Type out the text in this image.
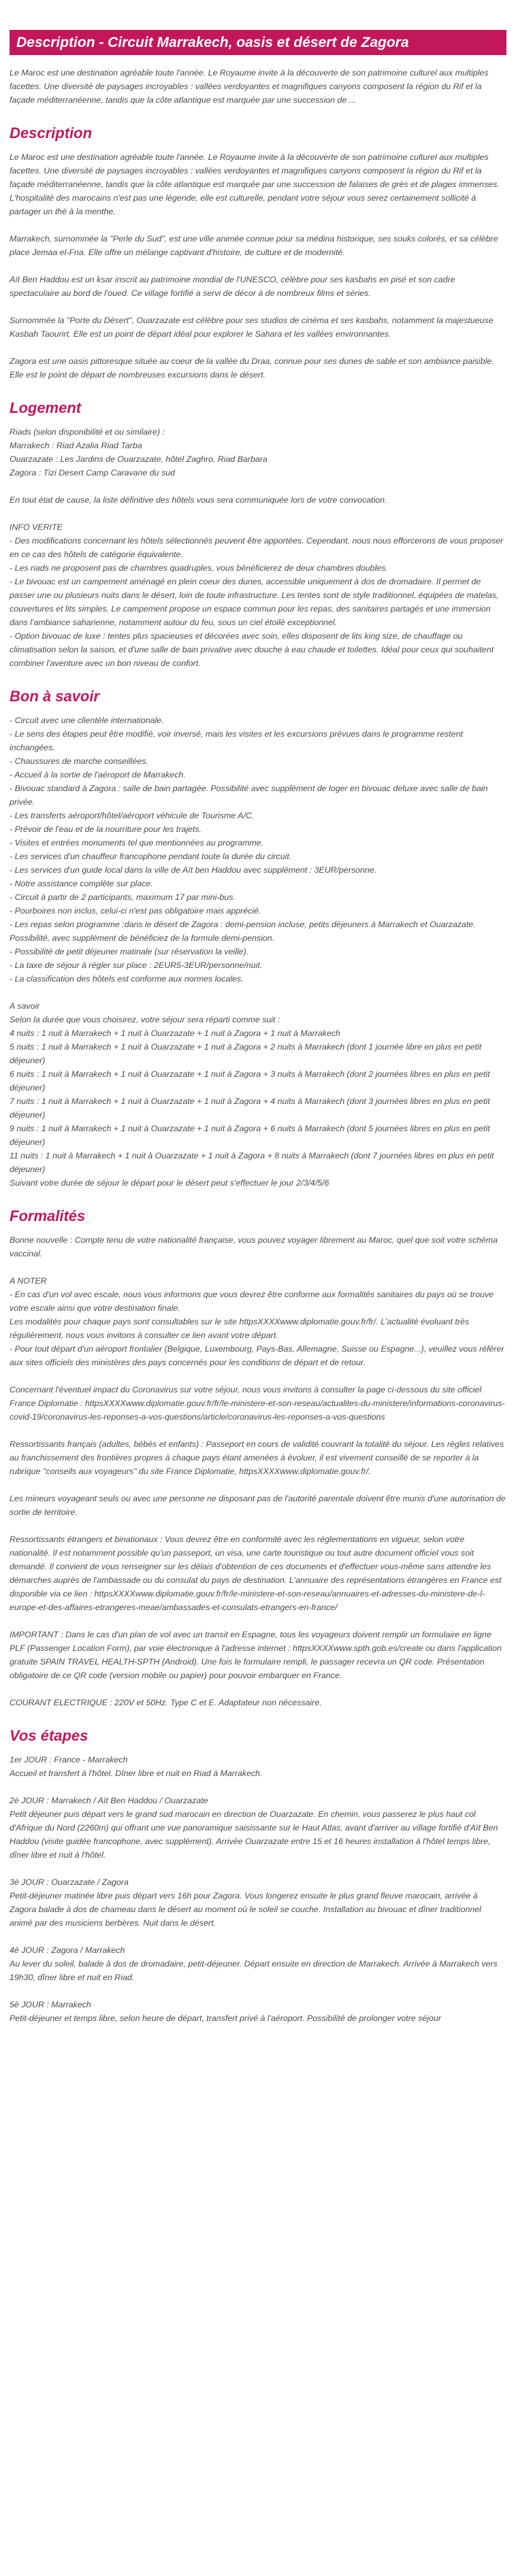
Description - Circuit Marrakech, oasis et désert de Zagora

Le Maroc est une destination agréable toute l'année. Le Royaume invite à la découverte de son patrimoine culturel aux multiples facettes. Une diversité de paysages incroyables : vallées verdoyantes et magnifiques canyons composent la région du Rif et la façade méditerranéenne, tandis que la côte atlantique est marquée par une succession de ...

Description

Le Maroc est une destination agréable toute l'année. Le Royaume invite à la découverte de son patrimoine culturel aux multiples facettes. Une diversité de paysages incroyables : vallées verdoyantes et magnifiques canyons composent la région du Rif et la façade méditerranéenne, tandis que la côte atlantique est marquée par une succession de falaises de grès et de plages immenses. L'hospitalité des marocains n'est pas une légende, elle est culturelle, pendant votre séjour vous serez certainement sollicité à partager un thé à la menthe.

Marrakech, surnommée la "Perle du Sud", est une ville animée connue pour sa médina historique, ses souks colorés, et sa célèbre place Jemaa el-Fna. Elle offre un mélange captivant d'histoire, de culture et de modernité.

Aït Ben Haddou est un ksar inscrit au patrimoine mondial de l'UNESCO, célèbre pour ses kasbahs en pisé et son cadre spectaculaire au bord de l'oued. Ce village fortifié a servi de décor à de nombreux films et séries.

Surnommée la "Porte du Désert", Ouarzazate est célèbre pour ses studios de cinéma et ses kasbahs, notamment la majestueuse Kasbah Taourirt. Elle est un point de départ idéal pour explorer le Sahara et les vallées environnantes.

Zagora est une oasis pittoresque située au coeur de la vallée du Draa, connue pour ses dunes de sable et son ambiance paisible. Elle est le point de départ de nombreuses excursions dans le désert.

Logement

Riads (selon disponibilité et ou similaire) :
Marrakech : Riad Azalia Riad Tarba
Ouarzazate : Les Jardins de Ouarzazate, hôtel Zaghro, Riad Barbara
Zagora : Tizi Desert Camp Caravane du sud

En tout état de cause, la liste définitive des hôtels vous sera communiquée lors de votre convocation.

INFO VERITE
- Des modifications concernant les hôtels sélectionnés peuvent être apportées. Cependant, nous nous efforcerons de vous proposer en ce cas des hôtels de catégorie équivalente.
- Les riads ne proposent pas de chambres quadruples, vous bénéficierez de deux chambres doubles.
- Le bivouac est un campement aménagé en plein coeur des dunes, accessible uniquement à dos de dromadaire. Il permet de passer une ou plusieurs nuits dans le désert, loin de toute infrastructure. Les tentes sont de style traditionnel, équipées de matelas, couvertures et lits simples. Le campement propose un espace commun pour les repas, des sanitaires partagés et une immersion dans l'ambiance saharienne, notamment autour du feu, sous un ciel étoilé exceptionnel.
- Option bivouac de luxe : tentes plus spacieuses et décorées avec soin, elles disposent de lits king size, de chauffage ou climatisation selon la saison, et d'une salle de bain privative avec douche à eau chaude et toilettes. Idéal pour ceux qui souhaitent combiner l'aventure avec un bon niveau de confort.

Bon à savoir

- Circuit avec une clientèle internationale.
- Le sens des étapes peut être modifié, voir inversé, mais les visites et les excursions prévues dans le programme restent inchangées.
- Chaussures de marche conseillées.
- Accueil à la sortie de l'aéroport de Marrakech.
- Bivouac standard à Zagora : salle de bain partagée. Possibilité avec supplément de loger en bivouac deluxe avec salle de bain privée.
- Les transferts aéroport/hôtel/aéroport véhicule de Tourisme A/C.
- Prévoir de l'eau et de la nourriture pour les trajets.
- Visites et entrées monuments tel que mentionnées au programme.
- Les services d'un chauffeur francophone pendant toute la durée du circuit.
- Les services d'un guide local dans la ville de Aït ben Haddou avec supplément : 3EUR/personne.
- Notre assistance complète sur place.
- Circuit à partir de 2 participants, maximum 17 par mini-bus.
- Pourboires non inclus, celui-ci n'est pas obligatoire mais apprécié.
- Les repas selon programme :dans le désert de Zagora : demi-pension incluse, petits déjeuners à Marrakech et Ouarzazate. Possibilité, avec supplément de bénéficiez de la formule demi-pension.
- Possibilité de petit déjeuner matinale (sur réservation la veille).
- La taxe de séjour à régler sur place : 2EUR5-3EUR/personne/nuit.
- La classification des hôtels est conforme aux normes locales.

A savoir
Selon la durée que vous choisirez, votre séjour sera réparti comme suit :
4 nuits : 1 nuit à Marrakech + 1 nuit à Ouarzazate + 1 nuit à Zagora + 1 nuit à Marrakech
5 nuits : 1 nuit à Marrakech + 1 nuit à Ouarzazate + 1 nuit à Zagora + 2 nuits à Marrakech (dont 1 journée libre en plus en petit déjeuner)
6 nuits : 1 nuit à Marrakech + 1 nuit à Ouarzazate + 1 nuit à Zagora + 3 nuits à Marrakech (dont 2 journées libres en plus en petit déjeuner)
7 nuits : 1 nuit à Marrakech + 1 nuit à Ouarzazate + 1 nuit à Zagora + 4 nuits à Marrakech (dont 3 journées libres en plus en petit déjeuner)
9 nuits : 1 nuit à Marrakech + 1 nuit à Ouarzazate + 1 nuit à Zagora + 6 nuits à Marrakech (dont 5 journées libres en plus en petit déjeuner)
11 nuits : 1 nuit à Marrakech + 1 nuit à Ouarzazate + 1 nuit à Zagora + 8 nuits à Marrakech (dont 7 journées libres en plus en petit déjeuner)
Suivant votre durée de séjour le départ pour le désert peut s'effectuer le jour 2/3/4/5/6

Formalités

Bonne nouvelle : Compte tenu de votre nationalité française, vous pouvez voyager librement au Maroc, quel que soit votre schéma vaccinal.

A NOTER
- En cas d'un vol avec escale, nous vous informons que vous devrez être conforme aux formalités sanitaires du pays où se trouve votre escale ainsi que votre destination finale.
Les modalités pour chaque pays sont consultables sur le site httpsXXXXwww.diplomatie.gouv.fr/fr/. L'actualité évoluant très régulièrement, nous vous invitons à consulter ce lien avant votre départ.
- Pour tout départ d'un aéroport frontalier (Belgique, Luxembourg, Pays-Bas, Allemagne, Suisse ou Espagne...), veuillez vous référer aux sites officiels des ministères des pays concernés pour les conditions de départ et de retour.

Concernant l'éventuel impact du Coronavirus sur votre séjour, nous vous invitons à consulter la page ci-dessous du site officiel France Diplomatie : httpsXXXXwww.diplomatie.gouv.fr/fr/le-ministere-et-son-reseau/actualites-du-ministere/informations-coronavirus-covid-19/coronavirus-les-reponses-a-vos-questions/article/coronavirus-les-reponses-a-vos-questions

Ressortissants français (adultes, bébés et enfants) : Passeport en cours de validité couvrant la totalité du séjour. Les règles relatives au franchissement des frontières propres à chaque pays étant amenées à évoluer, il est vivement conseillé de se reporter à la rubrique "conseils aux voyageurs" du site France Diplomatie, httpsXXXXwww.diplomatie.gouv.fr/.

Les mineurs voyageant seuls ou avec une personne ne disposant pas de l'autorité parentale doivent être munis d'une autorisation de sortie de territoire.

Ressortissants étrangers et binationaux : Vous devrez être en conformité avec les réglementations en vigueur, selon votre nationalité. Il est notamment possible qu'un passeport, un visa, une carte touristique ou tout autre document officiel vous soit demandé. Il convient de vous renseigner sur les délais d'obtention de ces documents et d'effectuer vous-même sans attendre les démarches auprès de l'ambassade ou du consulat du pays de destination. L'annuaire des représentations étrangères en France est disponible via ce lien : httpsXXXXwww.diplomatie.gouv.fr/fr/le-ministere-et-son-reseau/annuaires-et-adresses-du-ministere-de-l-europe-et-des-affaires-etrangeres-meae/ambassades-et-consulats-etrangers-en-france/

IMPORTANT : Dans le cas d'un plan de vol avec un transit en Espagne, tous les voyageurs doivent remplir un formulaire en ligne PLF (Passenger Location Form), par voie électronique à l'adresse internet : httpsXXXXwww.spth.gob.es/create ou dans l'application gratuite SPAIN TRAVEL HEALTH-SPTH (Android). Une fois le formulaire rempli, le passager recevra un QR code. Présentation obligatoire de ce QR code (version mobile ou papier) pour pouvoir embarquer en France.

COURANT ELECTRIQUE : 220V et 50Hz. Type C et E. Adaptateur non nécessaire.

Vos étapes

1er JOUR : France - Marrakech
Accueil et transfert à l'hôtel. Dîner libre et nuit en Riad à Marrakech.

2è JOUR : Marrakech / Aït Ben Haddou / Ouarzazate
Petit déjeuner puis départ vers le grand sud marocain en direction de Ouarzazate. En chemin, vous passerez le plus haut col d'Afrique du Nord (2260m) qui offrant une vue panoramique saisissante sur le Haut Atlas, avant d'arriver au village fortifié d'Aït Ben Haddou (visite guidée francophone, avec supplément). Arrivée Ouarzazate entre 15 et 16 heures installation à l'hôtel temps libre, dîner libre et nuit à l'hôtel.

3è JOUR : Ouarzazate / Zagora
Petit-déjeuner matinée libre puis départ vers 16h pour Zagora. Vous longerez ensuite le plus grand fleuve marocain, arrivée à Zagora balade à dos de chameau dans le désert au moment où le soleil se couche. Installation au bivouac et dîner traditionnel animé par des musiciens berbères. Nuit dans le désert.

4è JOUR : Zagora / Marrakech
Au lever du soleil, balade à dos de dromadaire, petit-déjeuner. Départ ensuite en direction de Marrakech. Arrivée à Marrakech vers 19h30, dîner libre et nuit en Riad.

5è JOUR : Marrakech
Petit-déjeuner et temps libre, selon heure de départ, transfert privé à l'aéroport. Possibilité de prolonger votre séjour
